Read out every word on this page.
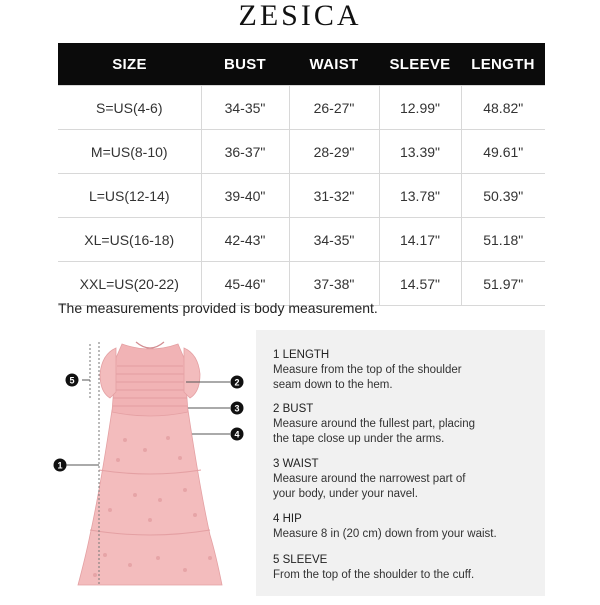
ZESICA
SIZE	BUST	WAIST	SLEEVE	LENGTH
S=US(4-6)	34-35"	26-27"	12.99"	48.82"
M=US(8-10)	36-37"	28-29"	13.39"	49.61"
L=US(12-14)	39-40"	31-32"	13.78"	50.39"
XL=US(16-18)	42-43"	34-35"	14.17"	51.18"
XXL=US(20-22)	45-46"	37-38"	14.57"	51.97"
The measurements provided is body measurement.
5
1
2
3
4
1 LENGTH
Measure from the top of the shoulder
seam down to the hem.
2 BUST
Measure around the fullest part, placing
the tape close up under the arms.
3 WAIST
Measure around the narrowest part of
your body, under your navel.
4 HIP
Measure 8 in (20 cm) down from your waist.
5 SLEEVE
From the top of the shoulder to the cuff.
